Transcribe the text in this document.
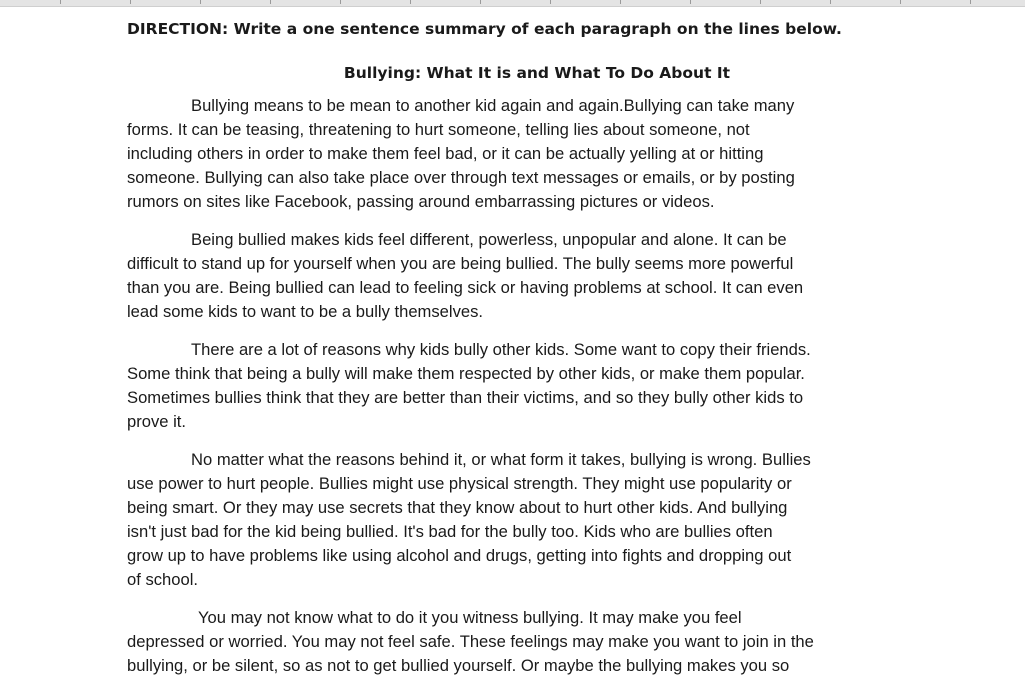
DIRECTION: Write a one sentence summary of each paragraph on the lines below.

Bullying: What It is and What To Do About It

Bullying means to be mean to another kid again and again.Bullying can take many
forms. It can be teasing, threatening to hurt someone, telling lies about someone, not
including others in order to make them feel bad, or it can be actually yelling at or hitting
someone. Bullying can also take place over through text messages or emails, or by posting
rumors on sites like Facebook, passing around embarrassing pictures or videos.

Being bullied makes kids feel different, powerless, unpopular and alone. It can be
difficult to stand up for yourself when you are being bullied. The bully seems more powerful
than you are. Being bullied can lead to feeling sick or having problems at school. It can even
lead some kids to want to be a bully themselves.

There are a lot of reasons why kids bully other kids. Some want to copy their friends.
Some think that being a bully will make them respected by other kids, or make them popular.
Sometimes bullies think that they are better than their victims, and so they bully other kids to
prove it.

No matter what the reasons behind it, or what form it takes, bullying is wrong. Bullies
use power to hurt people. Bullies might use physical strength. They might use popularity or
being smart. Or they may use secrets that they know about to hurt other kids. And bullying
isn't just bad for the kid being bullied. It's bad for the bully too. Kids who are bullies often
grow up to have problems like using alcohol and drugs, getting into fights and dropping out
of school.

You may not know what to do it you witness bullying. It may make you feel
depressed or worried. You may not feel safe. These feelings may make you want to join in the
bullying, or be silent, so as not to get bullied yourself. Or maybe the bullying makes you so
